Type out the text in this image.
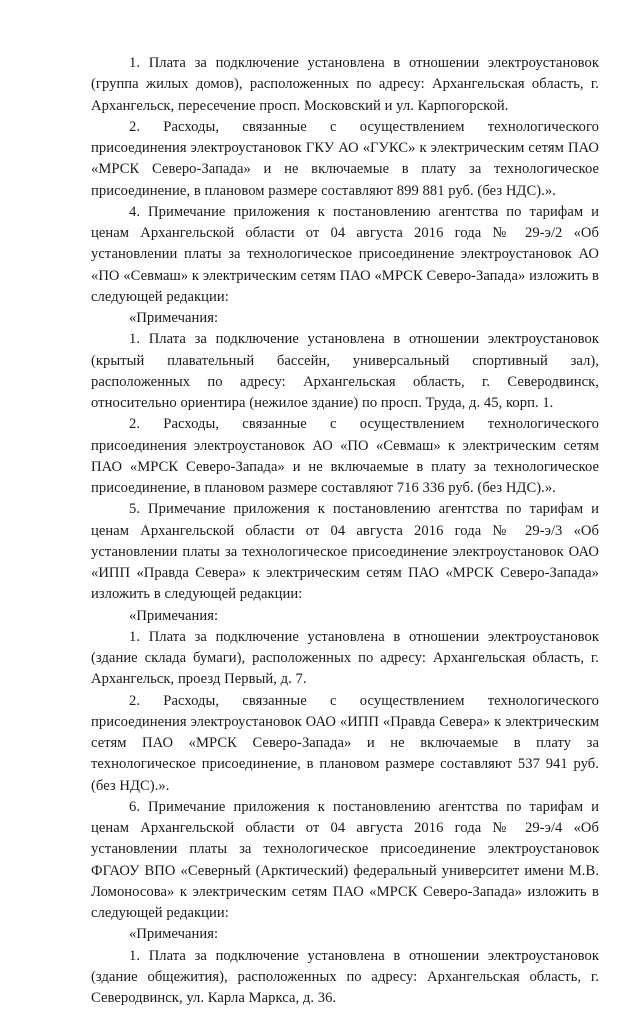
1. Плата за подключение установлена в отношении электроустановок (группа жилых домов), расположенных по адресу: Архангельская область, г. Архангельск, пересечение просп. Московский и ул. Карпогорской.

2. Расходы, связанные с осуществлением технологического присоединения электроустановок ГКУ АО «ГУКС» к электрическим сетям ПАО «МРСК Северо-Запада» и не включаемые в плату за технологическое присоединение, в плановом размере составляют 899 881 руб. (без НДС).».

4. Примечание приложения к постановлению агентства по тарифам и ценам Архангельской области от 04 августа 2016 года № 29-э/2 «Об установлении платы за технологическое присоединение электроустановок АО «ПО «Севмаш» к электрическим сетям ПАО «МРСК Северо-Запада» изложить в следующей редакции:

«Примечания:

1. Плата за подключение установлена в отношении электроустановок (крытый плавательный бассейн, универсальный спортивный зал), расположенных по адресу: Архангельская область, г. Северодвинск, относительно ориентира (нежилое здание) по просп. Труда, д. 45, корп. 1.

2. Расходы, связанные с осуществлением технологического присоединения электроустановок АО «ПО «Севмаш» к электрическим сетям ПАО «МРСК Северо-Запада» и не включаемые в плату за технологическое присоединение, в плановом размере составляют 716 336 руб. (без НДС).».

5. Примечание приложения к постановлению агентства по тарифам и ценам Архангельской области от 04 августа 2016 года № 29-э/3 «Об установлении платы за технологическое присоединение электроустановок ОАО «ИПП «Правда Севера» к электрическим сетям ПАО «МРСК Северо-Запада» изложить в следующей редакции:

«Примечания:

1. Плата за подключение установлена в отношении электроустановок (здание склада бумаги), расположенных по адресу: Архангельская область, г. Архангельск, проезд Первый, д. 7.

2. Расходы, связанные с осуществлением технологического присоединения электроустановок ОАО «ИПП «Правда Севера» к электрическим сетям ПАО «МРСК Северо-Запада» и не включаемые в плату за технологическое присоединение, в плановом размере составляют 537 941 руб. (без НДС).».

6. Примечание приложения к постановлению агентства по тарифам и ценам Архангельской области от 04 августа 2016 года № 29-э/4 «Об установлении платы за технологическое присоединение электроустановок ФГАОУ ВПО «Северный (Арктический) федеральный университет имени М.В. Ломоносова» к электрическим сетям ПАО «МРСК Северо-Запада» изложить в следующей редакции:

«Примечания:

1. Плата за подключение установлена в отношении электроустановок (здание общежития), расположенных по адресу: Архангельская область, г. Северодвинск, ул. Карла Маркса, д. 36.
